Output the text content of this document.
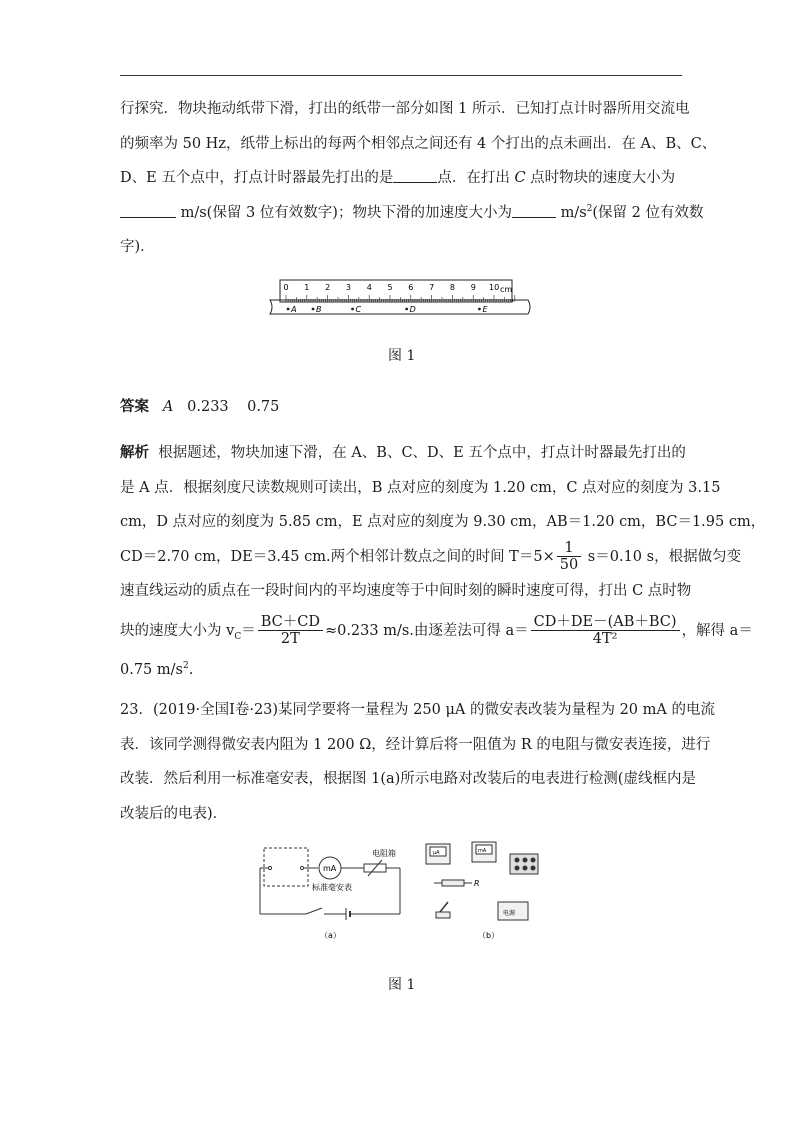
行探究．物块拖动纸带下滑，打出的纸带一部分如图 1 所示．已知打点计时器所用交流电
的频率为 50 Hz，纸带上标出的每两个相邻点之间还有 4 个打出的点未画出．在 A、B、C、
D、E 五个点中，打点计时器最先打出的是	点．在打出 C 点时物块的速度大小为
m/s(保留 3 位有效数字)；物块下滑的加速度大小为	$m/s^2$(保留 2 位有效数
字)．
0 1 2 3 4 5 6 7 8 9 10 cm
A B	C	D	E
图 1
答案 A 0.233 0.75
解析 根据题述，物块加速下滑，在 A、B、C、D、E 五个点中，打点计时器最先打出的
是 A 点．根据刻度尺读数规则可读出，B 点对应的刻度为 1.20 cm，C 点对应的刻度为 3.15
cm，D 点对应的刻度为 5.85 cm，E 点对应的刻度为 9.30 cm，AB＝1.20 cm，BC＝1.95 cm，
CD＝2.70 cm，DE＝3.45 cm.两个相邻计数点之间的时间 $T=5\times \frac{1}{50} s=0.10$ s，根据做匀变
速直线运动的质点在一段时间内的平均速度等于中间时刻的瞬时速度可得，打出 C 点时物
块的速度大小为 $v_C= \frac{BC+CD}{2T} \approx 0.233$ m/s.由逐差法可得 $a= \frac{CD+DE-(AB+BC)}{\text{4T²}}$ ，解得 a＝
0.75 $m/s^2$.
23．(2019·全国Ⅰ卷·23)某同学要将一量程为 250 μA 的微安表改装为量程为 20 mA 的电流
表．该同学测得微安表内阻为 1 200 Ω，经计算后将一阻值为 R 的电阻与微安表连接，进行
改装．然后利用一标准毫安表，根据图 1(a)所示电路对改装后的电表进行检测(虚线框内是
改装后的电表)．
mA
电阻箱
标准毫安表
（a）
μA	mA
R
电源
（b）
图 1
